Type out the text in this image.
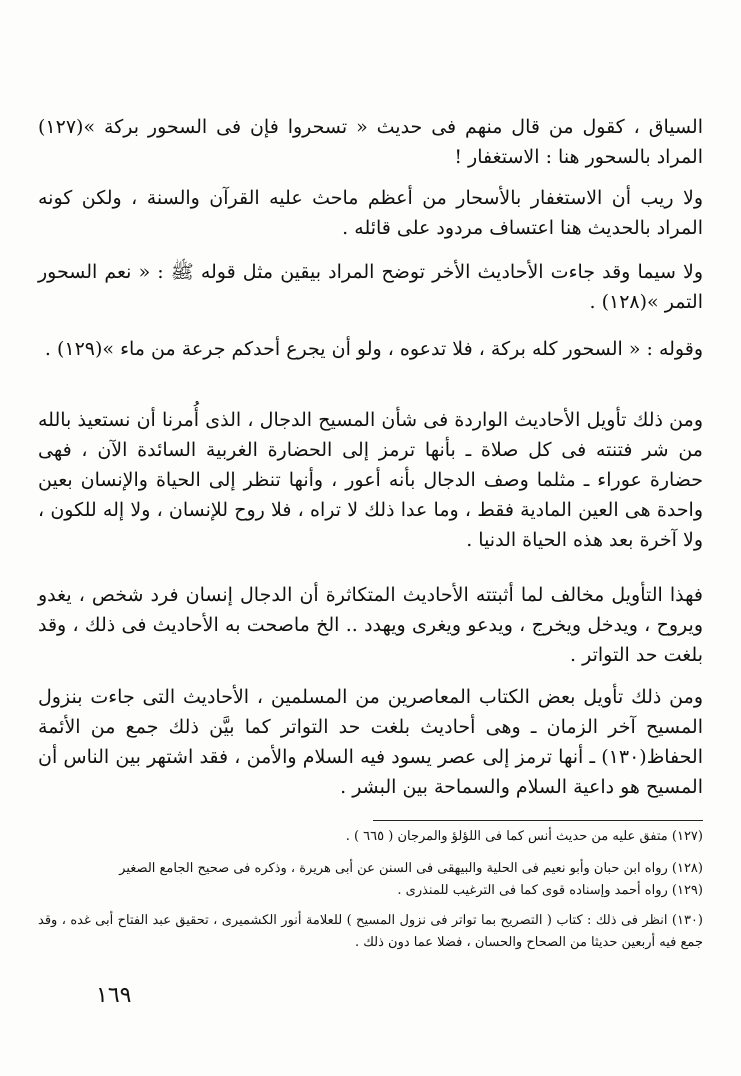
السياق ، كقول من قال منهم فى حديث « تسحروا فإن فى السحور بركة »(١٢٧) المراد بالسحور هنا : الاستغفار !

ولا ريب أن الاستغفار بالأسحار من أعظم ماحث عليه القرآن والسنة ، ولكن كونه المراد بالحديث هنا اعتساف مردود على قائله .

ولا سيما وقد جاءت الأحاديث الأخر توضح المراد بيقين مثل قوله ﷺ : « نعم السحور التمر »(١٢٨) .

وقوله : « السحور كله بركة ، فلا تدعوه ، ولو أن يجرع أحدكم جرعة من ماء »(١٢٩) .

ومن ذلك تأويل الأحاديث الواردة فى شأن المسيح الدجال ، الذى أُمرنا أن نستعيذ بالله من شر فتنته فى كل صلاة ـ بأنها ترمز إلى الحضارة الغربية السائدة الآن ، فهى حضارة عوراء ـ مثلما وصف الدجال بأنه أعور ، وأنها تنظر إلى الحياة والإنسان بعين واحدة هى العين المادية فقط ، وما عدا ذلك لا تراه ، فلا روح للإنسان ، ولا إله للكون ، ولا آخرة بعد هذه الحياة الدنيا .

فهذا التأويل مخالف لما أثبتته الأحاديث المتكاثرة أن الدجال إنسان فرد شخص ، يغدو ويروح ، ويدخل ويخرج ، ويدعو ويغرى ويهدد .. الخ ماصحت به الأحاديث فى ذلك ، وقد بلغت حد التواتر .

ومن ذلك تأويل بعض الكتاب المعاصرين من المسلمين ، الأحاديث التى جاءت بنزول المسيح آخر الزمان ـ وهى أحاديث بلغت حد التواتر كما بيَّن ذلك جمع من الأئمة الحفاظ(١٣٠) ـ أنها ترمز إلى عصر يسود فيه السلام والأمن ، فقد اشتهر بين الناس أن المسيح هو داعية السلام والسماحة بين البشر .

(١٢٧) متفق عليه من حديث أنس كما فى اللؤلؤ والمرجان ( ٦٦٥ ) .

(١٢٨) رواه ابن حبان وأبو نعيم فى الحلية والبيهقى فى السنن عن أبى هريرة ، وذكره فى صحيح الجامع الصغير

(١٢٩) رواه أحمد وإسناده قوى كما فى الترغيب للمنذرى .

(١٣٠) انظر فى ذلك : كتاب ( التصريح بما تواتر فى نزول المسيح ) للعلامة أنور الكشميرى ، تحقيق عبد الفتاح أبى غده ، وقد جمع فيه أربعين حديثا من الصحاح والحسان ، فضلا عما دون ذلك .

١٦٩
